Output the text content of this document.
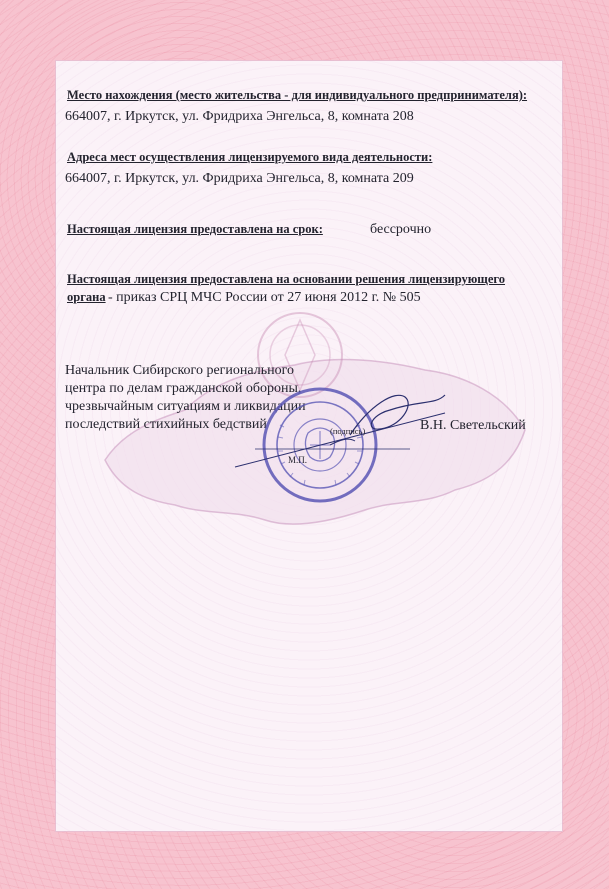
Место нахождения (место жительства - для индивидуального предпринимателя):
664007, г. Иркутск, ул. Фридриха Энгельса, 8, комната 208
Адреса мест осуществления лицензируемого вида деятельности:
664007, г. Иркутск, ул. Фридриха Энгельса, 8, комната 209
Настоящая лицензия предоставлена на срок:	бессрочно
Настоящая лицензия предоставлена на основании решения лицензирующего
органа - приказ СРЦ МЧС России от 27 июня 2012 г. № 505
Начальник Сибирского регионального
центра по делам гражданской обороны,
чрезвычайным ситуациям и ликвидации
последствий стихийных бедствий	В.Н. Светельский
М.П.
(подпись)
